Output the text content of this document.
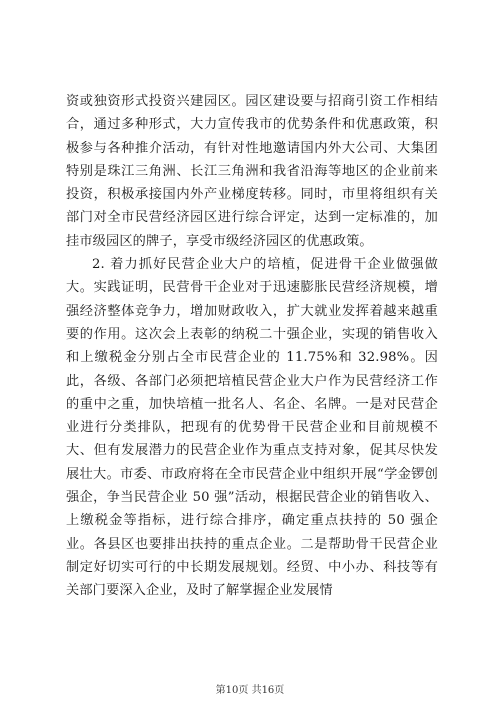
资或独资形式投资兴建园区。园区建设要与招商引资工作相结合，通过多种形式，大力宣传我市的优势条件和优惠政策，积极参与各种推介活动，有针对性地邀请国内外大公司、大集团特别是珠江三角洲、长江三角洲和我省沿海等地区的企业前来投资，积极承接国内外产业梯度转移。同时，市里将组织有关部门对全市民营经济园区进行综合评定，达到一定标准的，加挂市级园区的牌子，享受市级经济园区的优惠政策。

2. 着力抓好民营企业大户的培植，促进骨干企业做强做大。实践证明，民营骨干企业对于迅速膨胀民营经济规模，增强经济整体竞争力，增加财政收入，扩大就业发挥着越来越重要的作用。这次会上表彰的纳税二十强企业，实现的销售收入和上缴税金分别占全市民营企业的 11.75%和 32.98%。因此，各级、各部门必须把培植民营企业大户作为民营经济工作的重中之重，加快培植一批名人、名企、名牌。一是对民营企业进行分类排队，把现有的优势骨干民营企业和目前规模不大、但有发展潜力的民营企业作为重点支持对象，促其尽快发展壮大。市委、市政府将在全市民营企业中组织开展“学金锣创强企，争当民营企业 50 强”活动，根据民营企业的销售收入、上缴税金等指标，进行综合排序，确定重点扶持的 50 强企业。各县区也要排出扶持的重点企业。二是帮助骨干民营企业制定好切实可行的中长期发展规划。经贸、中小办、科技等有关部门要深入企业，及时了解掌握企业发展情

第10页 共16页
